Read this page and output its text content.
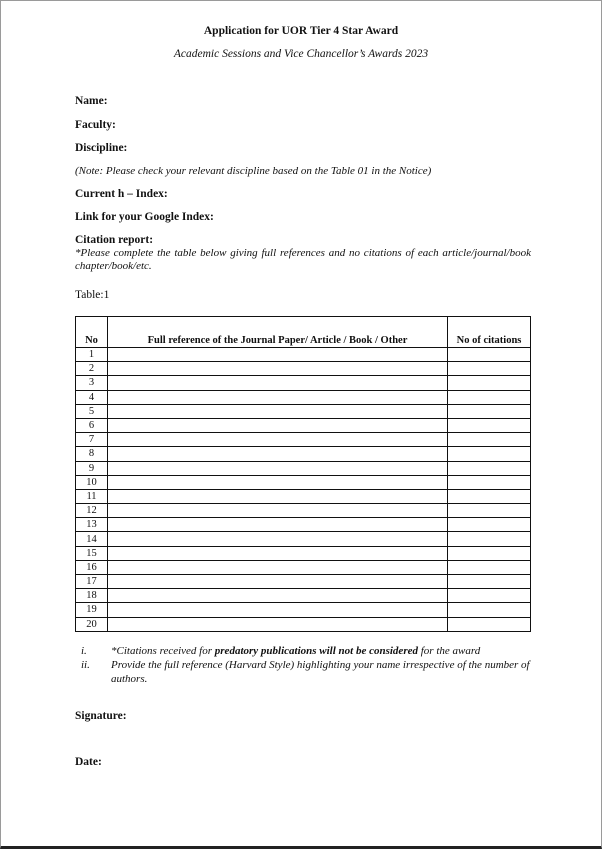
Application for UOR Tier 4 Star Award
Academic Sessions and Vice Chancellor’s Awards 2023
Name:
Faculty:
Discipline:
(Note: Please check your relevant discipline based on the Table 01 in the Notice)
Current h – Index:
Link for your Google Index:
Citation report:
*Please complete the table below giving full references and no citations of each article/journal/book chapter/book/etc.
Table:1
No	Full reference of the Journal Paper/ Article / Book / Other	No of citations
1		
2		
3		
4		
5		
6		
7		
8		
9		
10		
11		
12		
13		
14		
15		
16		
17		
18		
19		
20		
i.	*Citations received for predatory publications will not be considered for the award
ii.	Provide the full reference (Harvard Style) highlighting your name irrespective of the number of authors.
Signature:
Date:
